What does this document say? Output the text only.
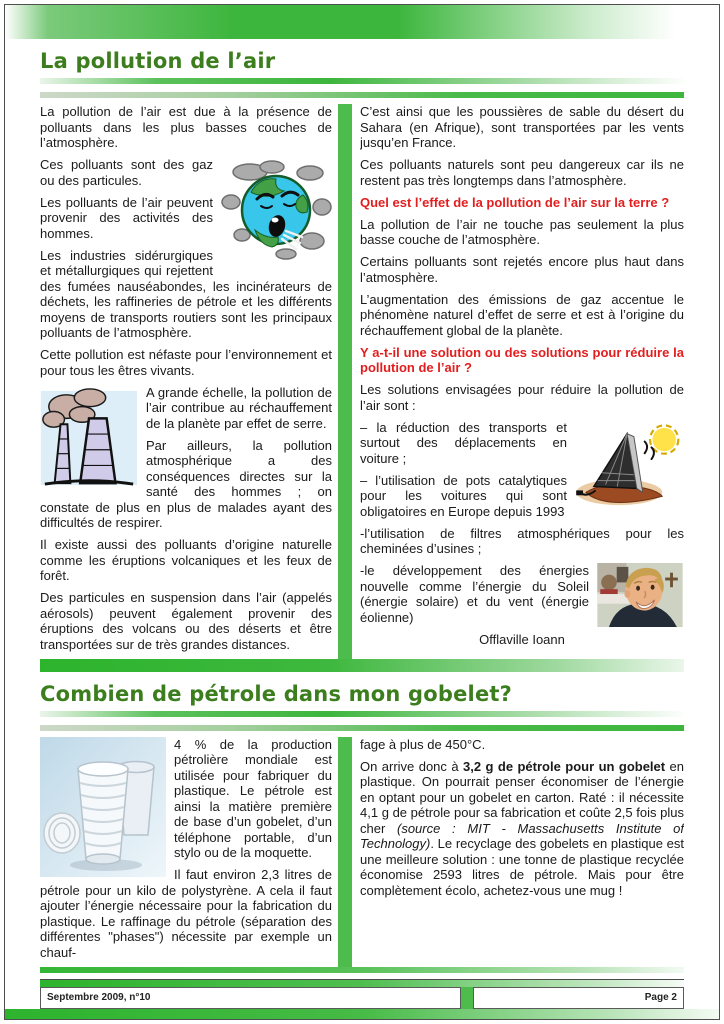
La pollution de l’air

La pollution de l’air est due à la présence de polluants dans les plus basses couches de l’atmosphère.

Ces polluants sont des gaz ou des particules.

Les polluants de l’air peuvent provenir des activités des hommes.

Les industries sidérurgiques et métallurgiques qui rejettent des fumées nauséabondes, les incinérateurs de déchets, les raffineries de pétrole et les différents moyens de transports routiers sont les principaux polluants de l’atmosphère.

Cette pollution est néfaste pour l’environnement et pour tous les êtres vivants.

A grande échelle, la pollution de l’air contribue au réchauffement de la planète par effet de serre.

Par ailleurs, la pollution atmosphérique a des conséquences directes sur la santé des hommes ; on constate de plus en plus de malades ayant des difficultés de respirer.

Il existe aussi des polluants d’origine naturelle comme les éruptions volcaniques et les feux de forêt.

Des particules en suspension dans l’air (appelés aérosols) peuvent également provenir des éruptions des volcans ou des déserts et être transportées sur de très grandes distances.

C’est ainsi que les poussières de sable du désert du Sahara (en Afrique), sont transportées par les vents jusqu’en France.

Ces polluants naturels sont peu dangereux car ils ne restent pas très longtemps dans l’atmosphère.

Quel est l’effet de la pollution de l’air sur la terre ?

La pollution de l’air ne touche pas seulement la plus basse couche de l’atmosphère.

Certains polluants sont rejetés encore plus haut dans l’atmosphère.

L’augmentation des émissions de gaz accentue le phénomène naturel d’effet de serre et est à l’origine du réchauffement global de la planète.

Y a-t-il une solution ou des solutions pour réduire la pollution de l’air ?

Les solutions envisagées pour réduire la pollution de l’air sont :

– la réduction des transports et surtout des déplacements en voiture ;

– l’utilisation de pots catalytiques pour les voitures qui sont obligatoires en Europe depuis 1993

-l’utilisation de filtres atmosphériques pour les cheminées d’usines ;

-le développement des énergies nouvelle comme l’énergie du Soleil (énergie solaire) et du vent (énergie éolienne)

Offlaville Ioann

Combien de pétrole dans mon gobelet?

4 % de la production pétrolière mondiale est utilisée pour fabriquer du plastique. Le pétrole est ainsi la matière première de base d’un gobelet, d’un téléphone portable, d’un stylo ou de la moquette.

Il faut environ 2,3 litres de pétrole pour un kilo de polystyrène. A cela il faut ajouter l’énergie nécessaire pour la fabrication du plastique. Le raffinage du pétrole (séparation des différentes "phases") nécessite par exemple un chauf-

fage à plus de 450°C.

On arrive donc à 3,2 g de pétrole pour un gobelet en plastique. On pourrait penser économiser de l’énergie en optant pour un gobelet en carton. Raté : il nécessite 4,1 g de pétrole pour sa fabrication et coûte 2,5 fois plus cher (source : MIT - Massachusetts Institute of Technology). Le recyclage des gobelets en plastique est une meilleure solution : une tonne de plastique recyclée économise 2593 litres de pétrole. Mais pour être complètement écolo, achetez-vous une mug !

Septembre 2009, n°10	Page 2
